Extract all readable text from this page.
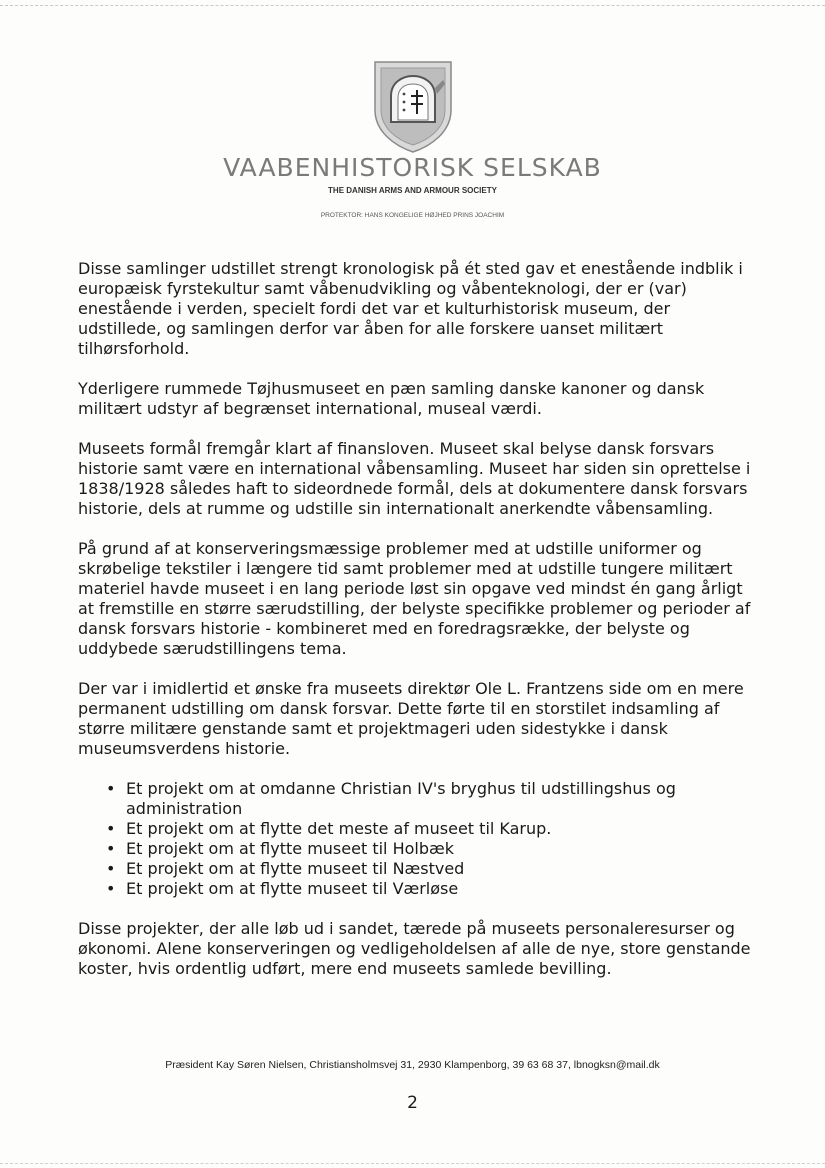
VAABENHISTORISK SELSKAB
THE DANISH ARMS AND ARMOUR SOCIETY
PROTEKTOR: HANS KONGELIGE HØJHED PRINS JOACHIM

Disse samlinger udstillet strengt kronologisk på ét sted gav et enestående indblik i europæisk fyrstekultur samt våbenudvikling og våbenteknologi, der er (var) enestående i verden, specielt fordi det var et kulturhistorisk museum, der udstillede, og samlingen derfor var åben for alle forskere uanset militært tilhørsforhold.

Yderligere rummede Tøjhusmuseet en pæn samling danske kanoner og dansk militært udstyr af begrænset international, museal værdi.

Museets formål fremgår klart af finansloven. Museet skal belyse dansk forsvars historie samt være en international våbensamling. Museet har siden sin oprettelse i 1838/1928 således haft to sideordnede formål, dels at dokumentere dansk forsvars historie, dels at rumme og udstille sin internationalt anerkendte våbensamling.

På grund af at konserveringsmæssige problemer med at udstille uniformer og skrøbelige tekstiler i længere tid samt problemer med at udstille tungere militært materiel havde museet i en lang periode løst sin opgave ved mindst én gang årligt at fremstille en større særudstilling, der belyste specifikke problemer og perioder af dansk forsvars historie - kombineret med en foredragsrække, der belyste og uddybede særudstillingens tema.

Der var i imidlertid et ønske fra museets direktør Ole L. Frantzens side om en mere permanent udstilling om dansk forsvar. Dette førte til en storstilet indsamling af større militære genstande samt et projektmageri uden sidestykke i dansk museumsverdens historie.

• Et projekt om at omdanne Christian IV's bryghus til udstillingshus og administration
• Et projekt om at flytte det meste af museet til Karup.
• Et projekt om at flytte museet til Holbæk
• Et projekt om at flytte museet til Næstved
• Et projekt om at flytte museet til Værløse

Disse projekter, der alle løb ud i sandet, tærede på museets personaleresurser og økonomi. Alene konserveringen og vedligeholdelsen af alle de nye, store genstande koster, hvis ordentlig udført, mere end museets samlede bevilling.

Præsident Kay Søren Nielsen, Christiansholmsvej 31, 2930 Klampenborg, 39 63 68 37, lbnogksn@mail.dk
2
